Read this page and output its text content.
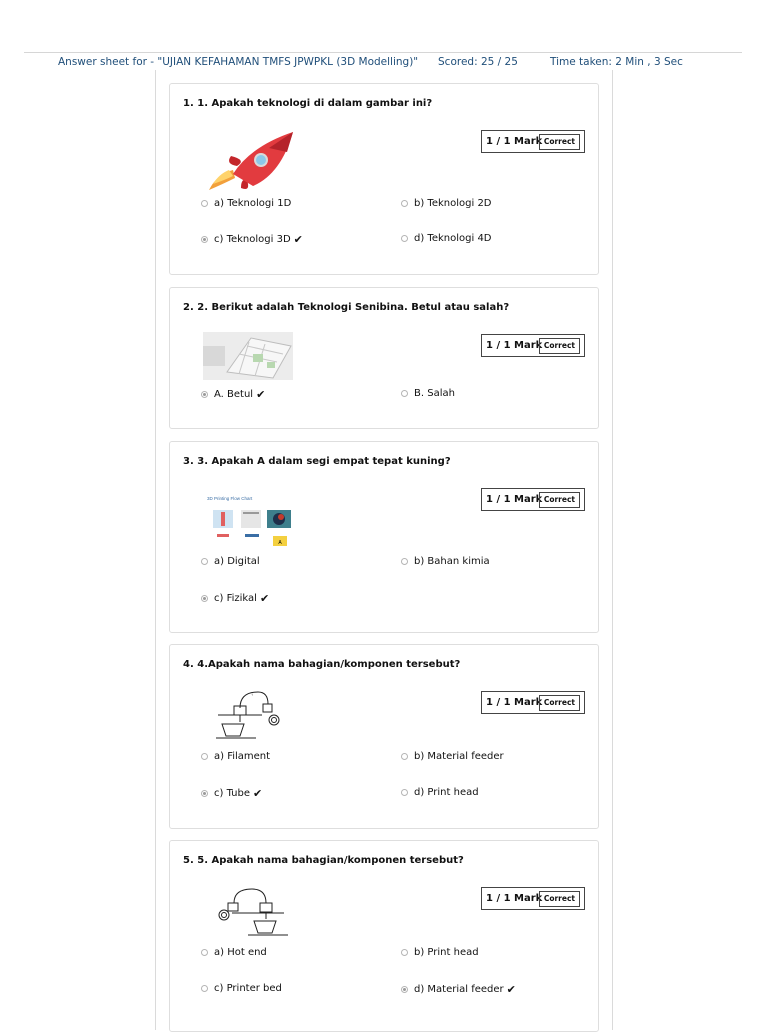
Answer sheet for - "UJIAN KEFAHAMAN TMFS JPWPKL (3D Modelling)" Scored: 25 / 25	Time taken: 2 Min , 3 Sec
1. 1. Apakah teknologi di dalam gambar ini?
1 / 1 Mark Correct
a) Teknologi 1D	b) Teknologi 2D
c) Teknologi 3D ✔	d) Teknologi 4D
2. 2. Berikut adalah Teknologi Senibina. Betul atau salah?
1 / 1 Mark Correct
A. Betul ✔	B. Salah
3. 3. Apakah A dalam segi empat tepat kuning?
1 / 1 Mark Correct
3D Printing Flow Chart
A
a) Digital	b) Bahan kimia
c) Fizikal ✔
4. 4.Apakah nama bahagian/komponen tersebut?
1 / 1 Mark Correct
↑
a) Filament	b) Material feeder
c) Tube ✔	d) Print head
5. 5. Apakah nama bahagian/komponen tersebut?
1 / 1 Mark Correct
a) Hot end	b) Print head
c) Printer bed	d) Material feeder ✔
